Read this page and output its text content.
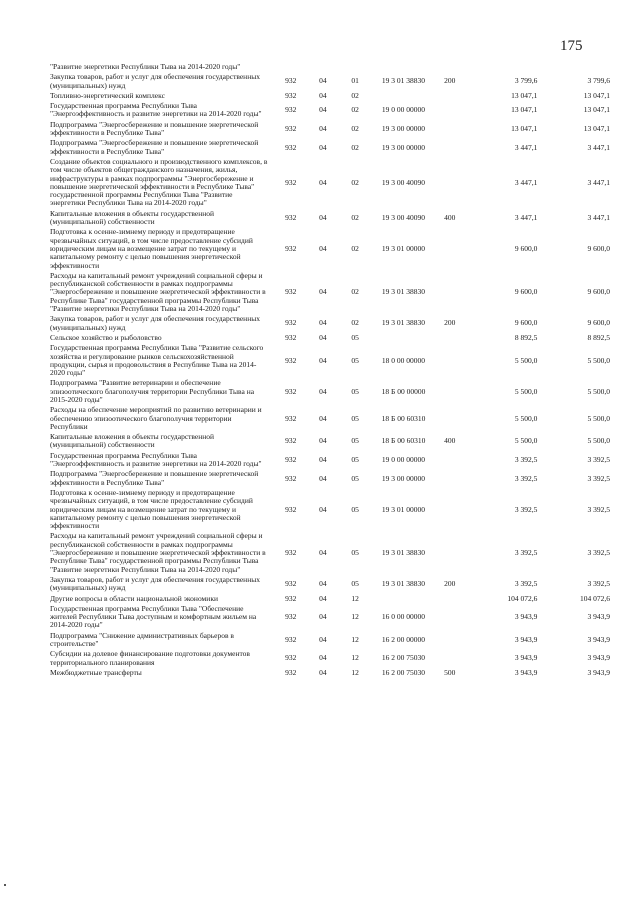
175
"Развитие энергетики Республики Тыва на 2014-2020 годы"							
Закупка товаров, работ и услуг для обеспечения государственных (муниципальных) нужд	932	04	01	19 3 01 38830	200	3 799,6	3 799,6
Топливно-энергетический комплекс	932	04	02			13 047,1	13 047,1
Государственная программа Республики Тыва "Энергоэффективность и развитие энергетики на 2014-2020 годы"	932	04	02	19 0 00 00000		13 047,1	13 047,1
Подпрограмма "Энергосбережение и повышение энергетической эффективности в Республике Тыва"	932	04	02	19 3 00 00000		13 047,1	13 047,1
Подпрограмма "Энергосбережение и повышение энергетической эффективности в Республике Тыва"	932	04	02	19 3 00 00000		3 447,1	3 447,1
Создание объектов социального и производственного комплексов, в том числе объектов общегражданского назначения, жилья, инфраструктуры в рамках подпрограммы "Энергосбережение и повышение энергетической эффективности в Республике Тыва" государственной программы Республики Тыва "Развитие энергетики Республики Тыва на 2014-2020 годы"	932	04	02	19 3 00 40090		3 447,1	3 447,1
Капитальные вложения в объекты государственной (муниципальной) собственности	932	04	02	19 3 00 40090	400	3 447,1	3 447,1
Подготовка к осенне-зимнему периоду и предотвращение чрезвычайных ситуаций, в том числе предоставление субсидий юридическим лицам на возмещение затрат по текущему и капитальному ремонту с целью повышения энергетической эффективности	932	04	02	19 3 01 00000		9 600,0	9 600,0
Расходы на капитальный ремонт учреждений социальной сферы и республиканской собственности в рамках подпрограммы "Энергосбережение и повышение энергетической эффективности в Республике Тыва" государственной программы Республики Тыва "Развитие энергетики Республики Тыва на 2014-2020 годы"	932	04	02	19 3 01 38830		9 600,0	9 600,0
Закупка товаров, работ и услуг для обеспечения государственных (муниципальных) нужд	932	04	02	19 3 01 38830	200	9 600,0	9 600,0
Сельское хозяйство и рыболовство	932	04	05			8 892,5	8 892,5
Государственная программа Республики Тыва "Развитие сельского хозяйства и регулирование рынков сельскохозяйственной продукции, сырья и продовольствия в Республике Тыва на 2014-2020 годы"	932	04	05	18 0 00 00000		5 500,0	5 500,0
Подпрограмма "Развитие ветеринарии и обеспечение эпизоотического благополучия территории Республики Тыва на 2015-2020 годы"	932	04	05	18 Б 00 00000		5 500,0	5 500,0
Расходы на обеспечение мероприятий по развитию ветеринарии и обеспечению эпизоотического благополучия территории Республики	932	04	05	18 Б 00 60310		5 500,0	5 500,0
Капитальные вложения в объекты государственной (муниципальной) собственности	932	04	05	18 Б 00 60310	400	5 500,0	5 500,0
Государственная программа Республики Тыва "Энергоэффективность и развитие энергетики на 2014-2020 годы"	932	04	05	19 0 00 00000		3 392,5	3 392,5
Подпрограмма "Энергосбережение и повышение энергетической эффективности в Республике Тыва"	932	04	05	19 3 00 00000		3 392,5	3 392,5
Подготовка к осенне-зимнему периоду и предотвращение чрезвычайных ситуаций, в том числе предоставление субсидий юридическим лицам на возмещение затрат по текущему и капитальному ремонту с целью повышения энергетической эффективности	932	04	05	19 3 01 00000		3 392,5	3 392,5
Расходы на капитальный ремонт учреждений социальной сферы и республиканской собственности в рамках подпрограммы "Энергосбережение и повышение энергетической эффективности в Республике Тыва" государственной программы Республики Тыва "Развитие энергетики Республики Тыва на 2014-2020 годы"	932	04	05	19 3 01 38830		3 392,5	3 392,5
Закупка товаров, работ и услуг для обеспечения государственных (муниципальных) нужд	932	04	05	19 3 01 38830	200	3 392,5	3 392,5
Другие вопросы в области национальной экономики	932	04	12			104 072,6	104 072,6
Государственная программа Республики Тыва "Обеспечение жителей Республики Тыва доступным и комфортным жильем на 2014-2020 годы"	932	04	12	16 0 00 00000		3 943,9	3 943,9
Подпрограмма "Снижение административных барьеров в строительстве"	932	04	12	16 2 00 00000		3 943,9	3 943,9
Субсидии на долевое финансирование подготовки документов территориального планирования	932	04	12	16 2 00 75030		3 943,9	3 943,9
Межбюджетные трансферты	932	04	12	16 2 00 75030	500	3 943,9	3 943,9
